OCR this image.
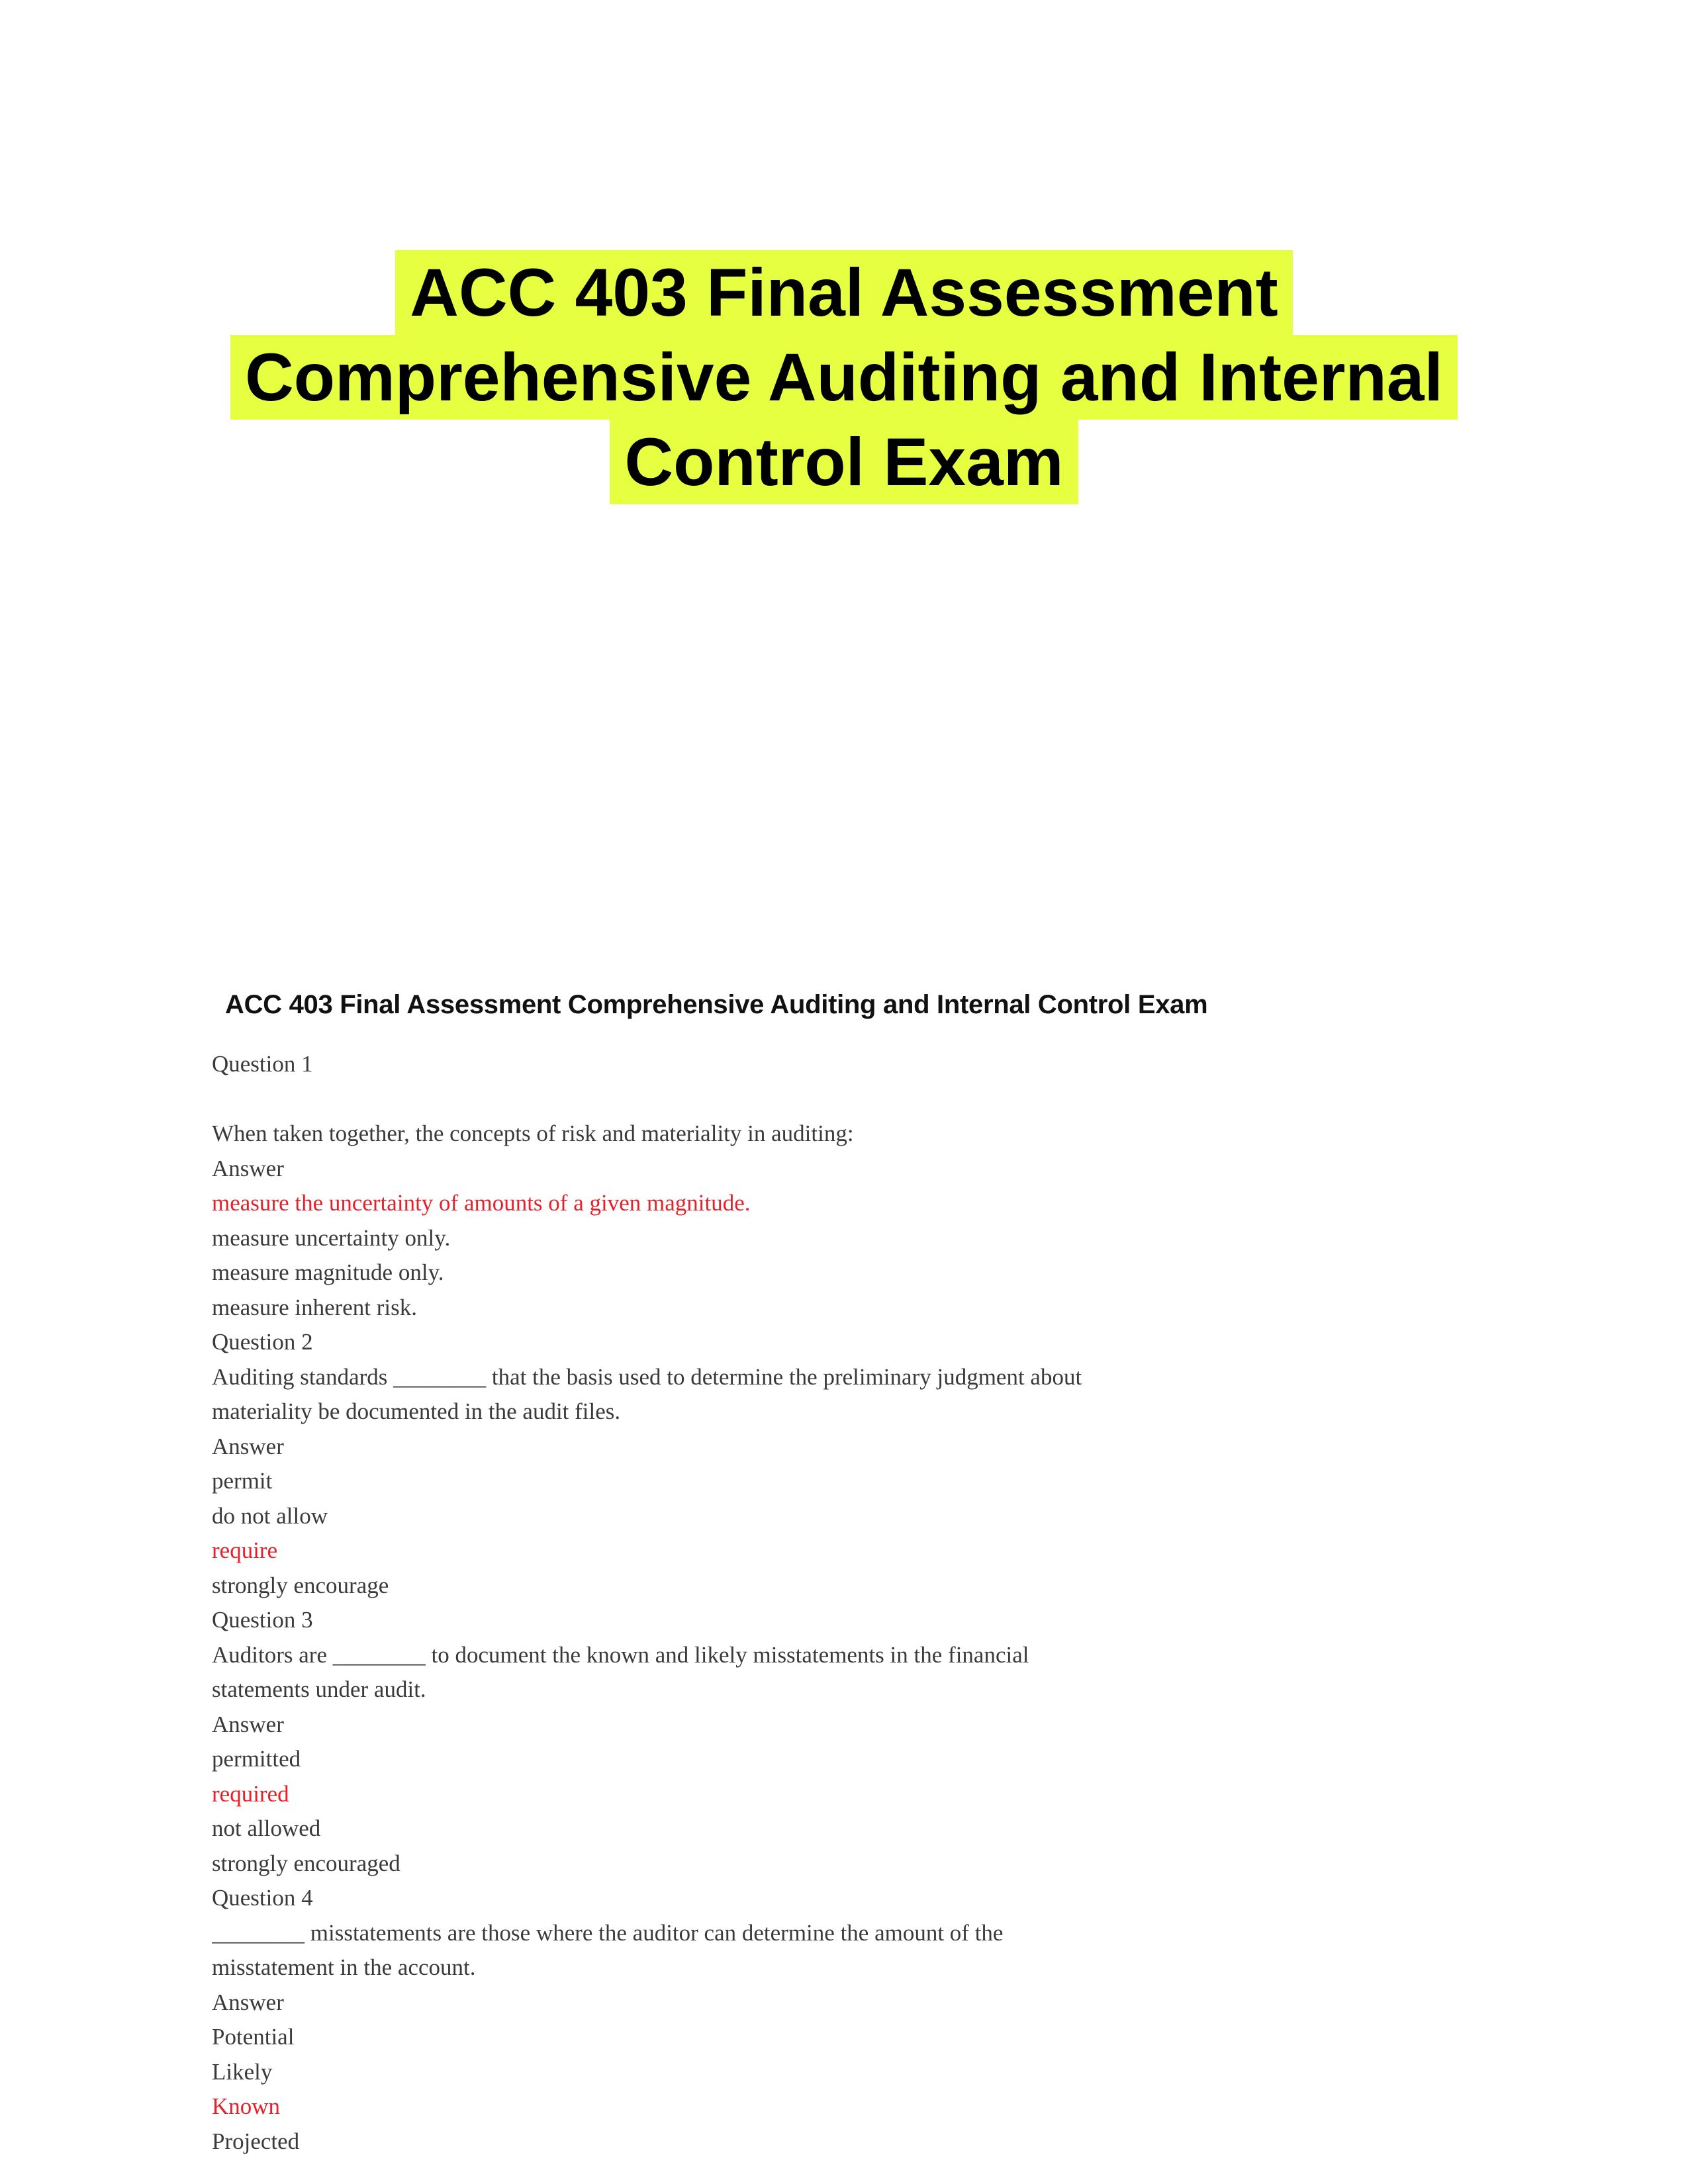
ACC 403 Final Assessment
Comprehensive Auditing and Internal
Control Exam
ACC 403 Final Assessment Comprehensive Auditing and Internal Control Exam
Question 1
When taken together, the concepts of risk and materiality in auditing:
Answer
measure the uncertainty of amounts of a given magnitude.
measure uncertainty only.
measure magnitude only.
measure inherent risk.
Question 2
Auditing standards ________ that the basis used to determine the preliminary judgment about
materiality be documented in the audit files.
Answer
permit
do not allow
require
strongly encourage
Question 3
Auditors are ________ to document the known and likely misstatements in the financial
statements under audit.
Answer
permitted
required
not allowed
strongly encouraged
Question 4
________ misstatements are those where the auditor can determine the amount of the
misstatement in the account.
Answer
Potential
Likely
Known
Projected
